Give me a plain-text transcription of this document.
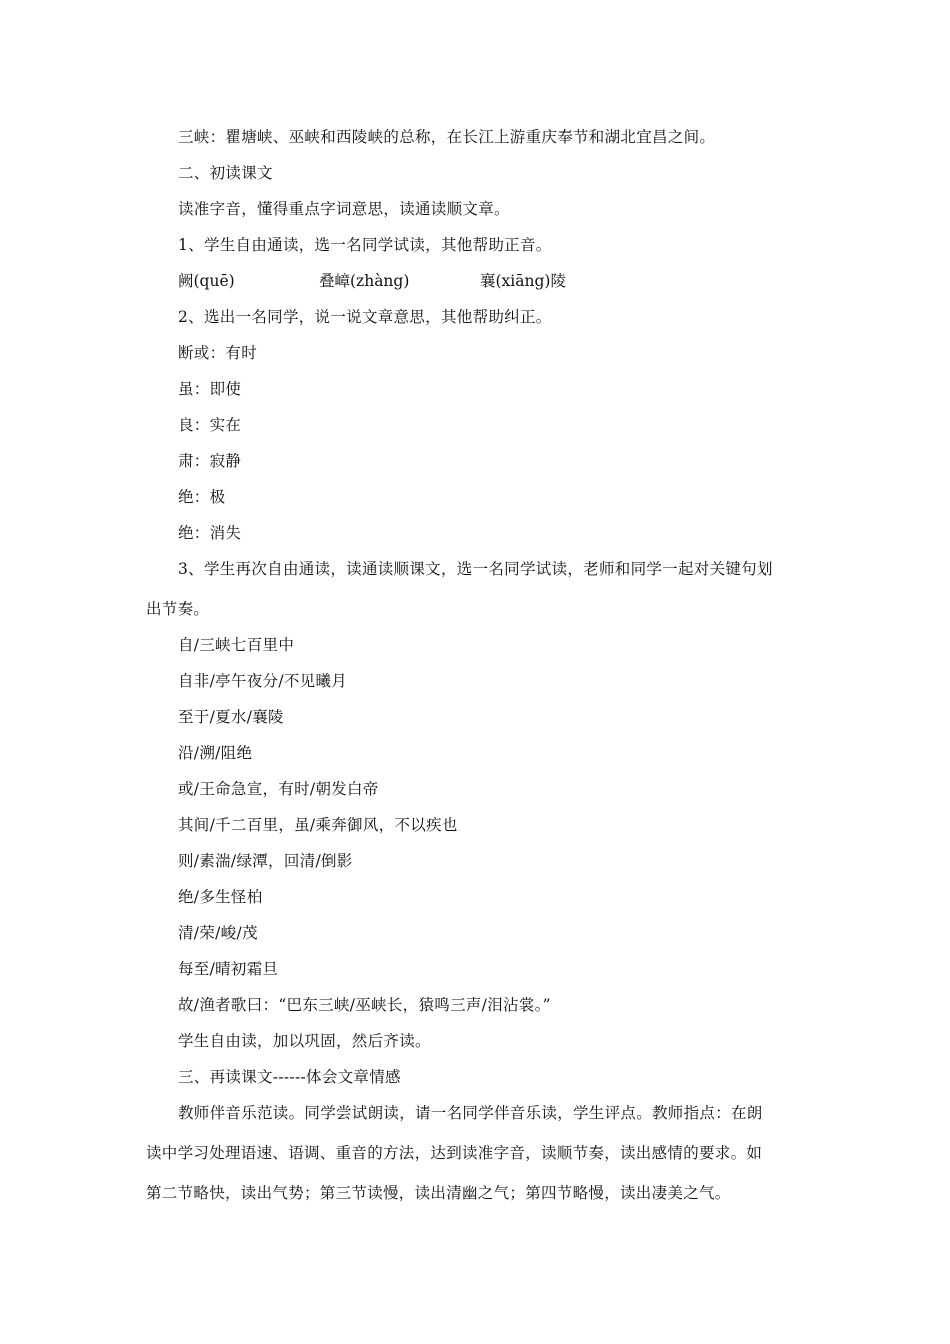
三峡：瞿塘峡、巫峡和西陵峡的总称，在长江上游重庆奉节和湖北宜昌之间。
二、初读课文
读准字音，懂得重点字词意思，读通读顺文章。
1、学生自由通读，选一名同学试读，其他帮助正音。
阙(quē)	叠嶂(zhàng)	襄(xiāng)陵
2、选出一名同学，说一说文章意思，其他帮助纠正。
断或：有时
虽：即使
良：实在
肃：寂静
绝：极
绝：消失
3、学生再次自由通读，读通读顺课文，选一名同学试读，老师和同学一起对关键句划
出节奏。
自/三峡七百里中
自非/亭午夜分/不见曦月
至于/夏水/襄陵
沿/溯/阻绝
或/王命急宣，有时/朝发白帝
其间/千二百里，虽/乘奔御风，不以疾也
则/素湍/绿潭，回清/倒影
绝/多生怪柏
清/荣/峻/茂
每至/晴初霜旦
故/渔者歌曰：“巴东三峡/巫峡长，猿鸣三声/泪沾裳。”
学生自由读，加以巩固，然后齐读。
三、再读课文------体会文章情感
教师伴音乐范读。同学尝试朗读，请一名同学伴音乐读，学生评点。教师指点：在朗
读中学习处理语速、语调、重音的方法，达到读准字音，读顺节奏，读出感情的要求。如
第二节略快，读出气势；第三节读慢，读出清幽之气；第四节略慢，读出凄美之气。
